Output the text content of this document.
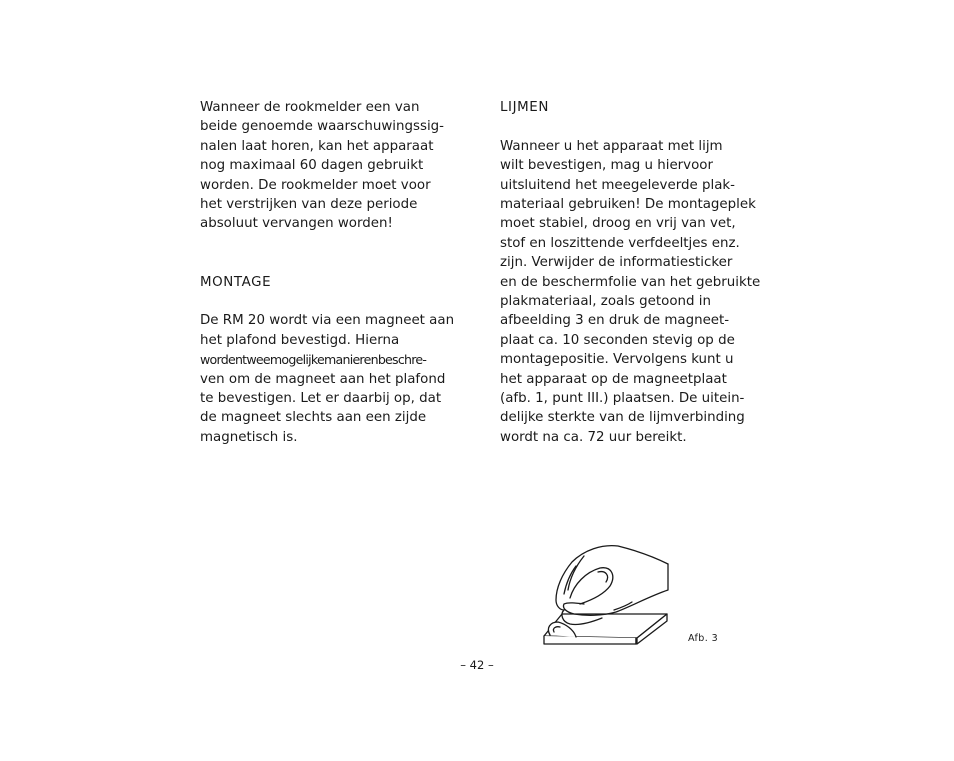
Wanneer de rookmelder een van
beide genoemde waarschuwingssig-
nalen laat horen, kan het apparaat
nog maximaal 60 dagen gebruikt
worden. De rookmelder moet voor
het verstrijken van deze periode
absoluut vervangen worden!
MONTAGE
De RM 20 wordt via een magneet aan
het plafond bevestigd. Hierna
wordentweemogelijkemanierenbeschre-
ven om de magneet aan het plafond
te bevestigen. Let er daarbij op, dat
de magneet slechts aan een zijde
magnetisch is.
LIJMEN
Wanneer u het apparaat met lijm
wilt bevestigen, mag u hiervoor
uitsluitend het meegeleverde plak-
materiaal gebruiken! De montageplek
moet stabiel, droog en vrij van vet,
stof en loszittende verfdeeltjes enz.
zijn. Verwijder de informatiesticker
en de beschermfolie van het gebruikte
plakmateriaal, zoals getoond in
afbeelding 3 en druk de magneet-
plaat ca. 10 seconden stevig op de
montagepositie. Vervolgens kunt u
het apparaat op de magneetplaat
(afb. 1, punt III.) plaatsen. De uitein-
delijke sterkte van de lijmverbinding
wordt na ca. 72 uur bereikt.
Afb. 3
– 42 –
